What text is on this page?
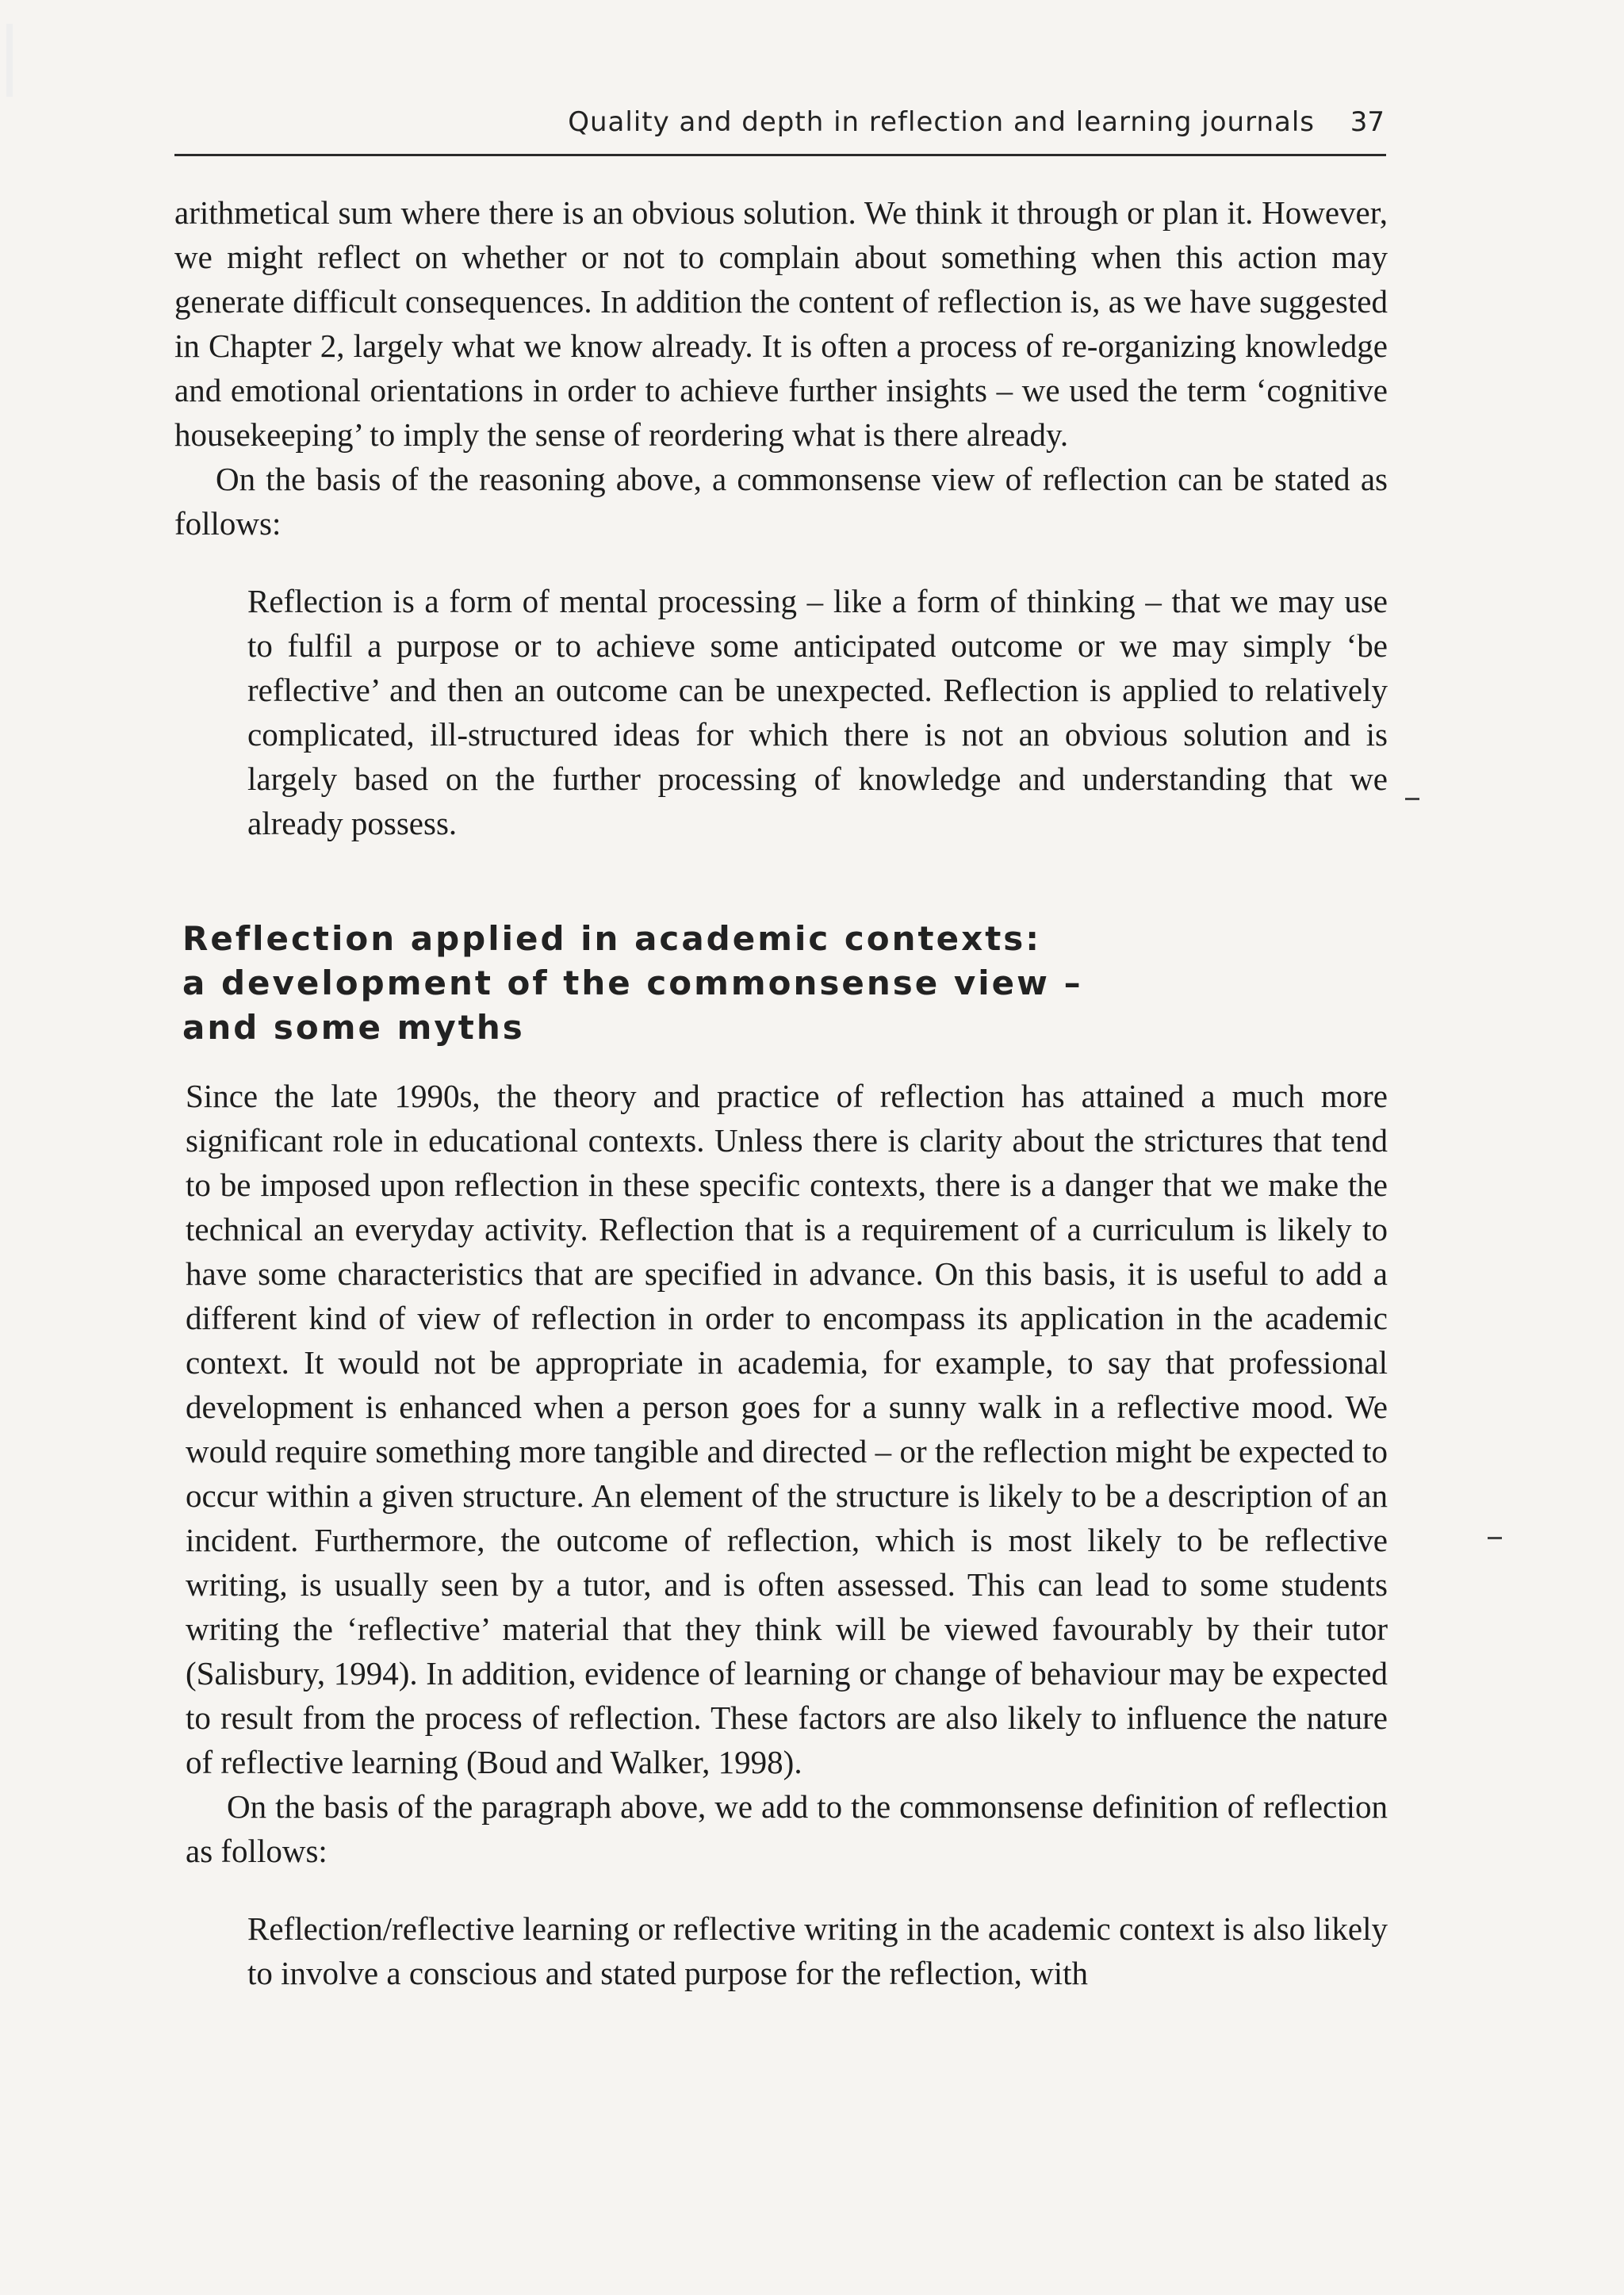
Quality and depth in reflection and learning journals 37

arithmetical sum where there is an obvious solution. We think it through or plan it. However, we might reflect on whether or not to complain about something when this action may generate difficult consequences. In addition the content of reflection is, as we have suggested in Chapter 2, largely what we know already. It is often a process of re-organizing knowledge and emotional orientations in order to achieve further insights – we used the term ‘cognitive housekeeping’ to imply the sense of reordering what is there already.

On the basis of the reasoning above, a commonsense view of reflection can be stated as follows:

Reflection is a form of mental processing – like a form of thinking – that we may use to fulfil a purpose or to achieve some anticipated outcome or we may simply ‘be reflective’ and then an outcome can be unexpected. Reflection is applied to relatively complicated, ill-structured ideas for which there is not an obvious solution and is largely based on the further processing of knowledge and understanding that we already possess.

Reflection applied in academic contexts:
a development of the commonsense view –
and some myths

Since the late 1990s, the theory and practice of reflection has attained a much more significant role in educational contexts. Unless there is clarity about the strictures that tend to be imposed upon reflection in these specific contexts, there is a danger that we make the technical an everyday activity. Reflection that is a requirement of a curriculum is likely to have some characteristics that are specified in advance. On this basis, it is useful to add a different kind of view of reflection in order to encompass its application in the academic context. It would not be appropriate in academia, for example, to say that professional development is enhanced when a person goes for a sunny walk in a reflective mood. We would require something more tangible and directed – or the reflection might be expected to occur within a given structure. An element of the structure is likely to be a description of an incident. Furthermore, the outcome of reflection, which is most likely to be reflective writing, is usually seen by a tutor, and is often assessed. This can lead to some students writing the ‘reflective’ material that they think will be viewed favourably by their tutor (Salisbury, 1994). In addition, evidence of learning or change of behaviour may be expected to result from the process of reflection. These factors are also likely to influence the nature of reflective learning (Boud and Walker, 1998).

On the basis of the paragraph above, we add to the commonsense definition of reflection as follows:

Reflection/reflective learning or reflective writing in the academic context is also likely to involve a conscious and stated purpose for the reflection, with
